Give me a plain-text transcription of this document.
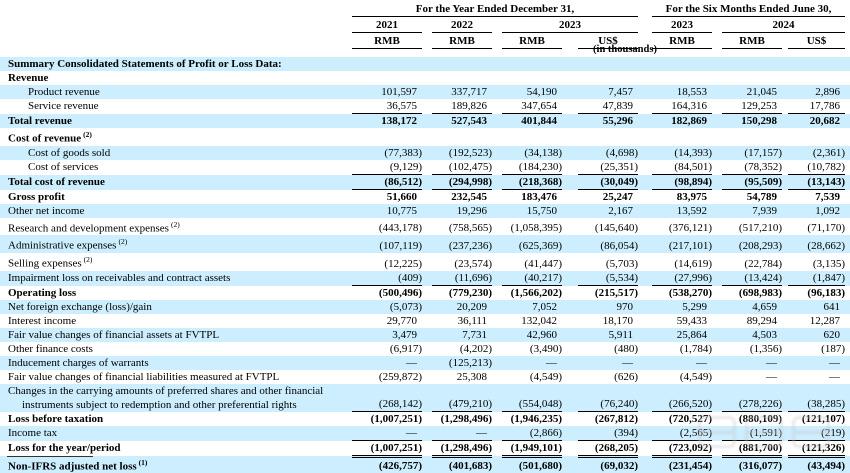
For the Year Ended December 31,	For the Six Months Ended June 30,
2021	2022	2023	2023	2024
RMB	RMB	RMB	US$	RMB	RMB	US$
(in thousands)
Summary Consolidated Statements of Profit or Loss Data:
Revenue
Product revenue	101,597	337,717	54,190	7,457	18,553	21,045	2,896
Service revenue	36,575	189,826	347,654	47,839	164,316	129,253	17,786
Total revenue	138,172	527,543	401,844	55,296	182,869	150,298	20,682
Cost of revenue $^{(2)}$
Cost of goods sold	(77,383)	(192,523)	(34,138)	(4,698)	(14,393)	(17,157)	(2,361)
Cost of services	(9,129)	(102,475)	(184,230)	(25,351)	(84,501)	(78,352)	(10,782)
Total cost of revenue	(86,512)	(294,998)	(218,368)	(30,049)	(98,894)	(95,509)	(13,143)
Gross profit	51,660	232,545	183,476	25,247	83,975	54,789	7,539
Other net income	10,775	19,296	15,750	2,167	13,592	7,939	1,092
Research and development expenses $^{(2)}$	(443,178)	(758,565)	(1,058,395)	(145,640)	(376,121)	(517,210)	(71,170)
Administrative expenses $^{(2)}$	(107,119)	(237,236)	(625,369)	(86,054)	(217,101)	(208,293)	(28,662)
Selling expenses $^{(2)}$	(12,225)	(23,574)	(41,447)	(5,703)	(14,619)	(22,784)	(3,135)
Impairment loss on receivables and contract assets	(409)	(11,696)	(40,217)	(5,534)	(27,996)	(13,424)	(1,847)
Operating loss	(500,496)	(779,230)	(1,566,202)	(215,517)	(538,270)	(698,983)	(96,183)
Net foreign exchange (loss)/gain	(5,073)	20,209	7,052	970	5,299	4,659	641
Interest income	29,770	36,111	132,042	18,170	59,433	89,294	12,287
Fair value changes of financial assets at FVTPL	3,479	7,731	42,960	5,911	25,864	4,503	620
Other finance costs	(6,917)	(4,202)	(3,490)	(480)	(1,784)	(1,356)	(187)
Inducement charges of warrants	—	(125,213)	—	—	—	—	—
Fair value changes of financial liabilities measured at FVTPL	(259,872)	25,308	(4,549)	(626)	(4,549)	—	—
Changes in the carrying amounts of preferred shares and other financial
instruments subject to redemption and other preferential rights	(268,142)	(479,210)	(554,048)	(76,240)	(266,520)	(278,226)	(38,285)
Loss before taxation	(1,007,251)	(1,298,496)	(1,946,235)	(267,812)	(720,527)	(880,109)	(121,107)
Income tax	—	—	(2,866)	(394)	(2,565)	(1,591)	(219)
Loss for the year/period	(1,007,251)	(1,298,496)	(1,949,101)	(268,205)	(723,092)	(881,700)	(121,326)
Non-IFRS adjusted net loss $^{(1)}$	(426,757)	(401,683)	(501,680)	(69,032)	(231,454)	(316,077)	(43,494)
